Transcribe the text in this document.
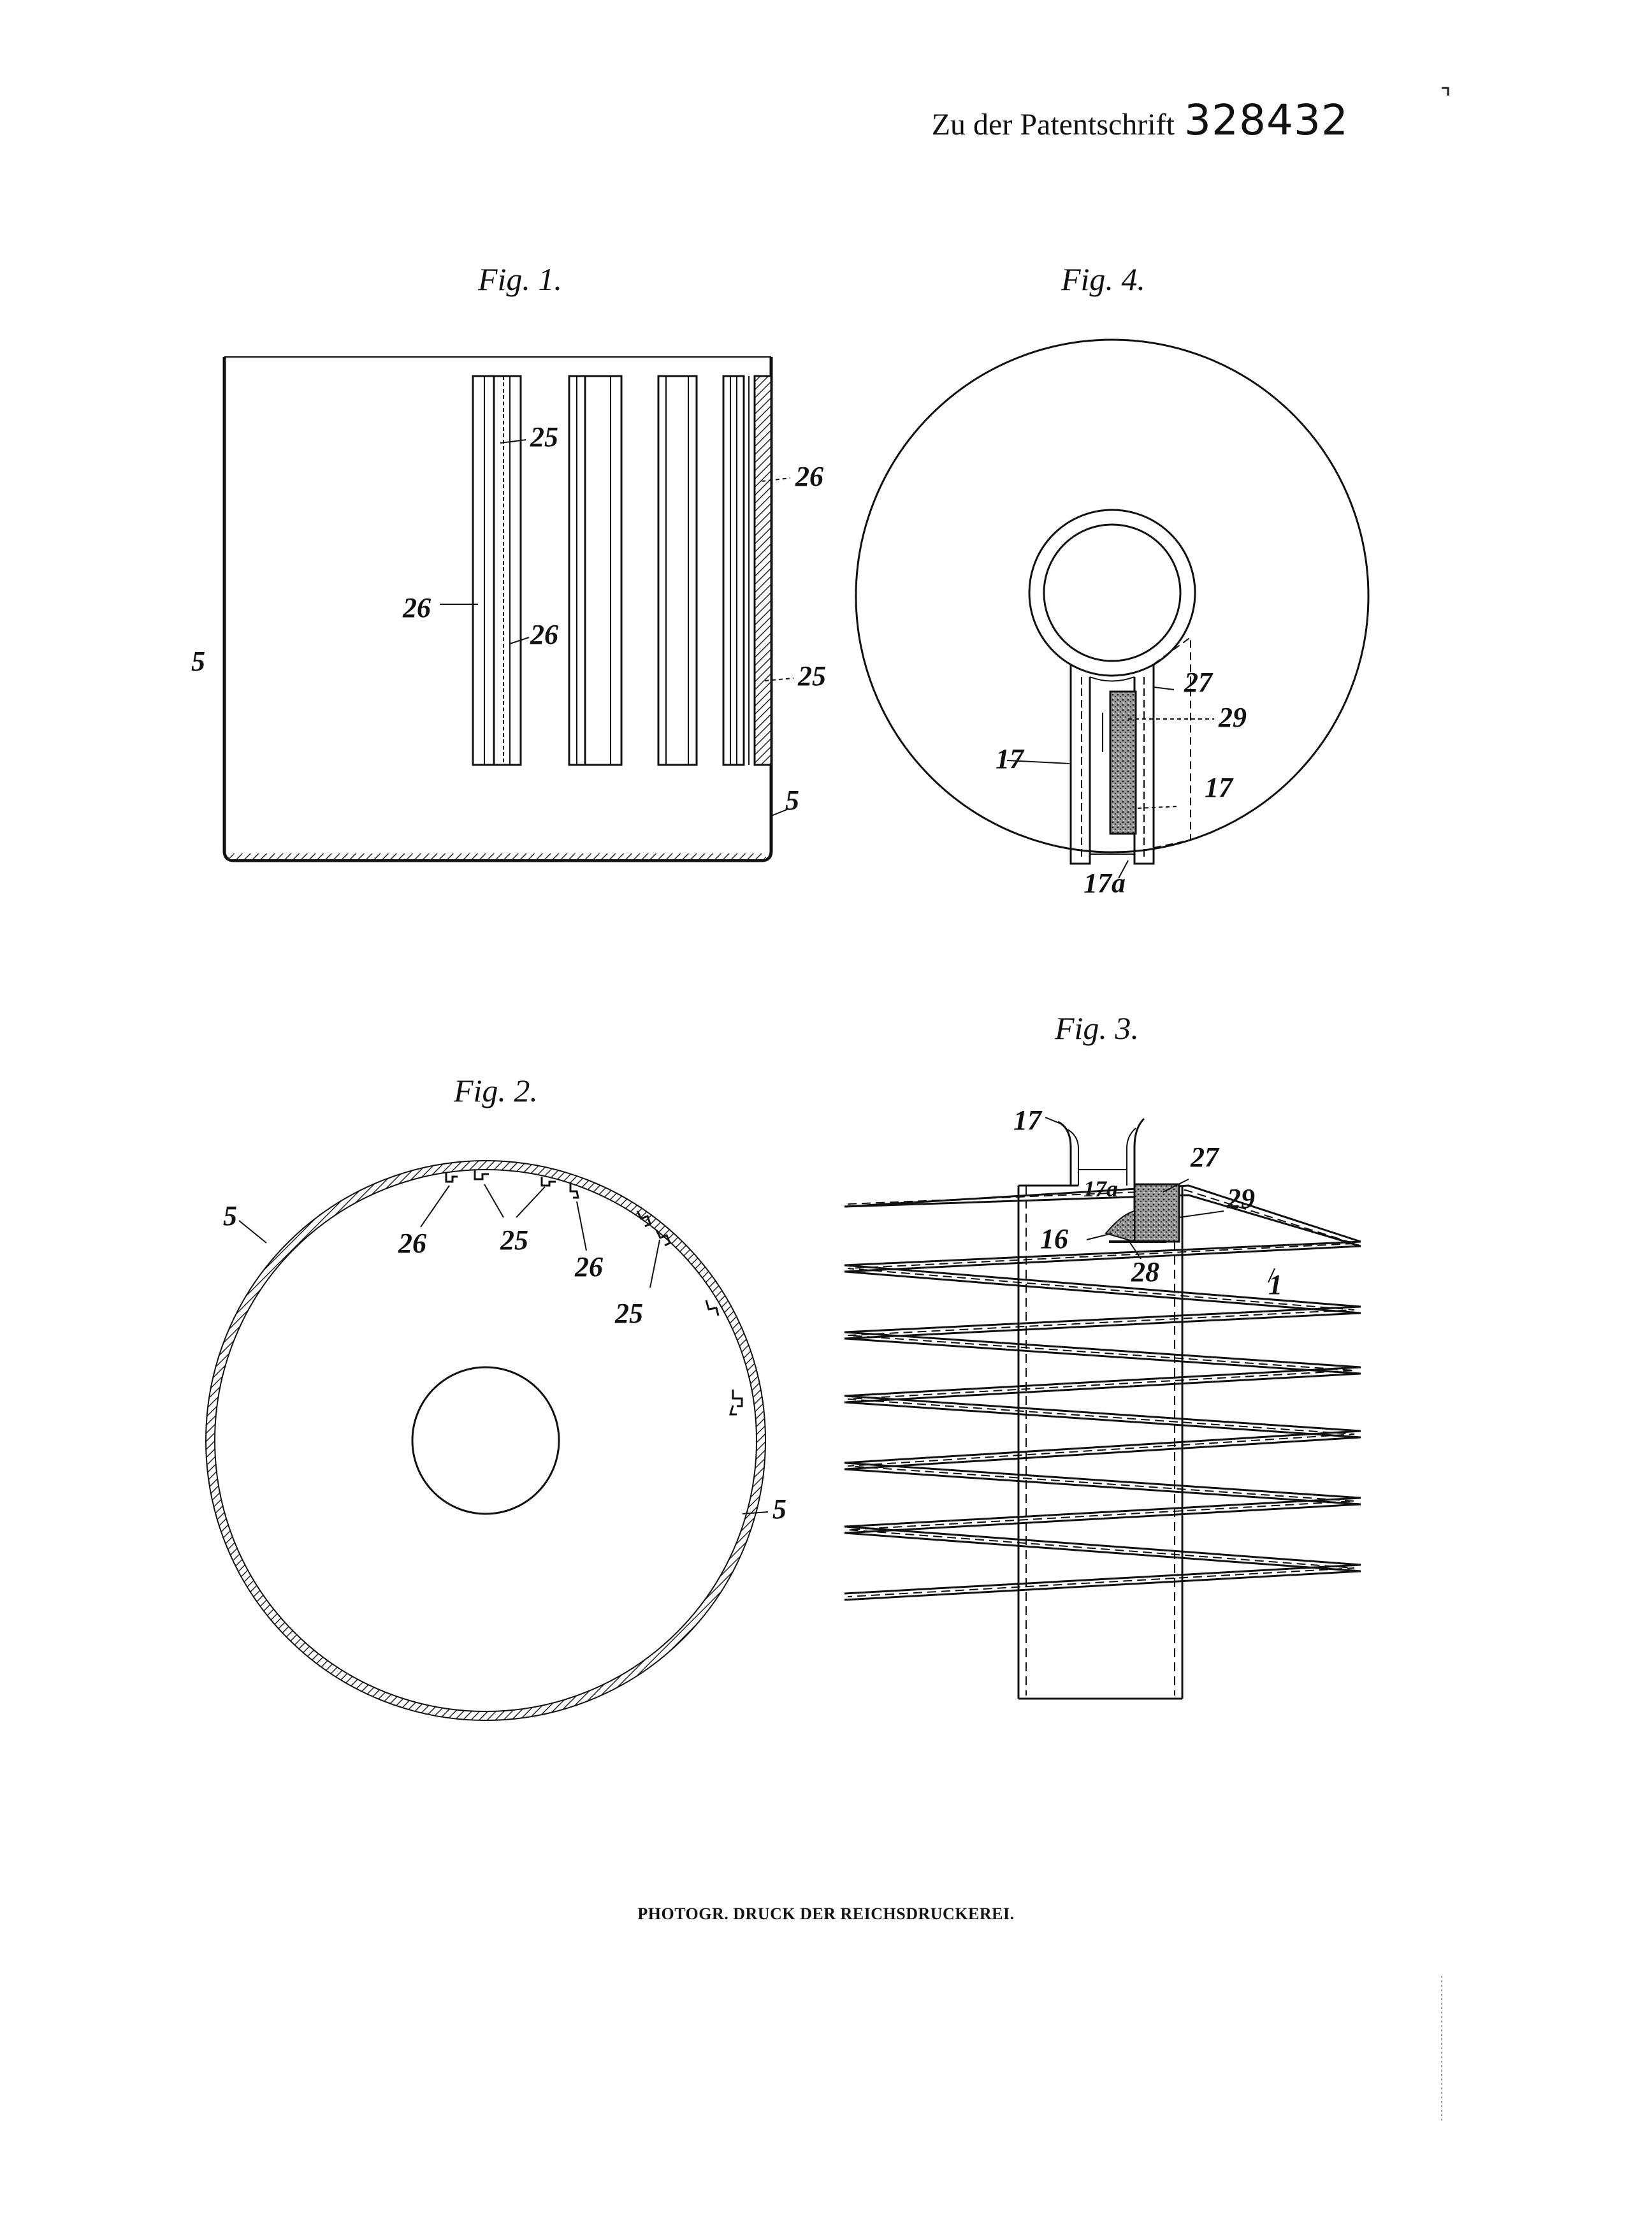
Zu der Patentschrift 328432
Fig. 1.
25
26
26
26
5	25
5
Fig. 4.
27
29
17
17
17a
Fig. 2.
5
26	25
26
25
5
Fig. 3.
17
17a
27
29
16
28	1
PHOTOGR. DRUCK DER REICHSDRUCKEREI.
